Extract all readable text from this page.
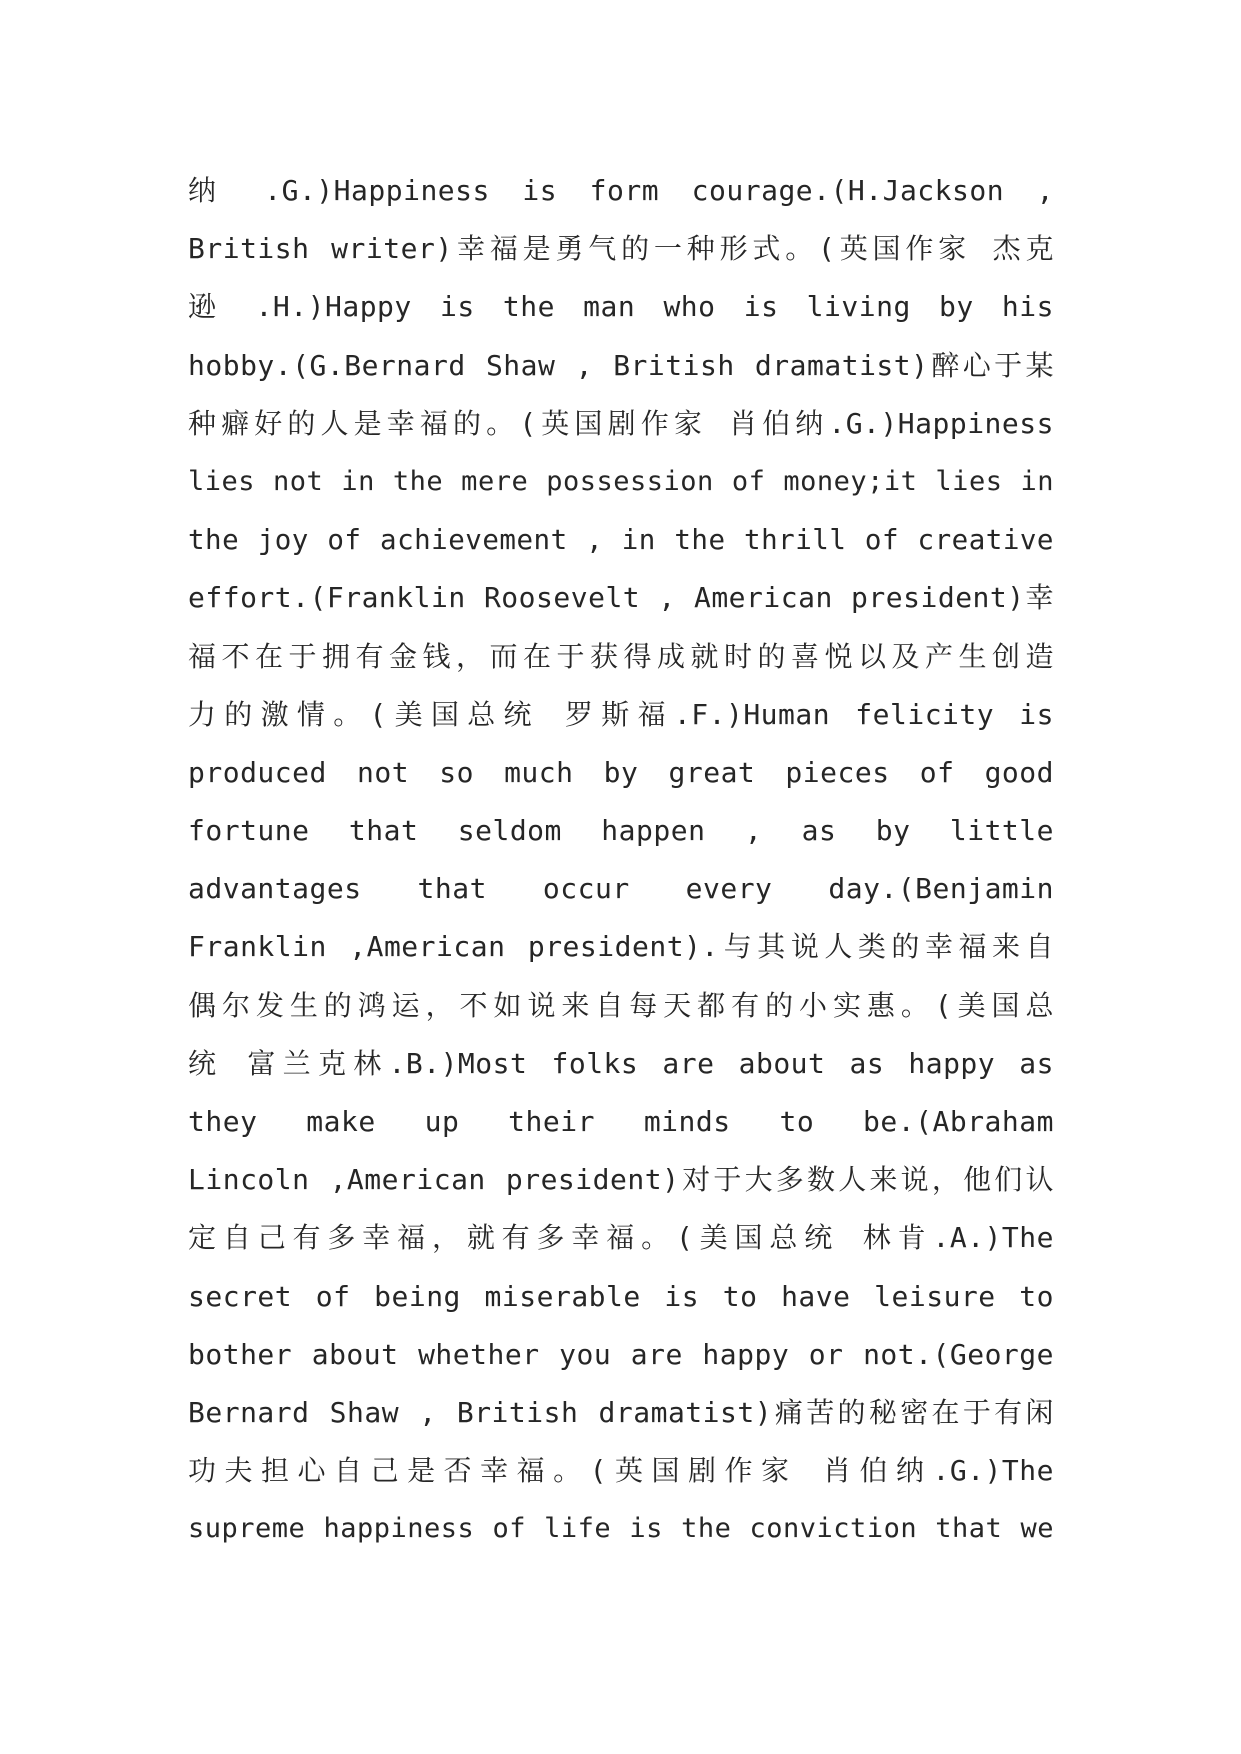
纳 .G.)Happiness is form courage.(H.Jackson ,
British writer)幸福是勇气的一种形式。(英国作家 杰克
逊 .H.)Happy is the man who is living by his
hobby.(G.Bernard Shaw , British dramatist)醉心于某
种癖好的人是幸福的。(英国剧作家 肖伯纳.G.)Happiness
lies not in the mere possession of money;it lies in
the joy of achievement , in the thrill of creative
effort.(Franklin Roosevelt , American president)幸
福不在于拥有金钱，而在于获得成就时的喜悦以及产生创造
力的激情。(美国总统 罗斯福.F.)Human felicity is
produced not so much by great pieces of good
fortune that seldom happen , as by little
advantages that occur every day.(Benjamin
Franklin ,American president).与其说人类的幸福来自
偶尔发生的鸿运，不如说来自每天都有的小实惠。(美国总
统 富兰克林.B.)Most folks are about as happy as
they make up their minds to be.(Abraham
Lincoln ,American president)对于大多数人来说，他们认
定自己有多幸福，就有多幸福。(美国总统 林肯.A.)The
secret of being miserable is to have leisure to
bother about whether you are happy or not.(George
Bernard Shaw , British dramatist)痛苦的秘密在于有闲
功夫担心自己是否幸福。(英国剧作家 肖伯纳.G.)The
supreme happiness of life is the conviction that we
